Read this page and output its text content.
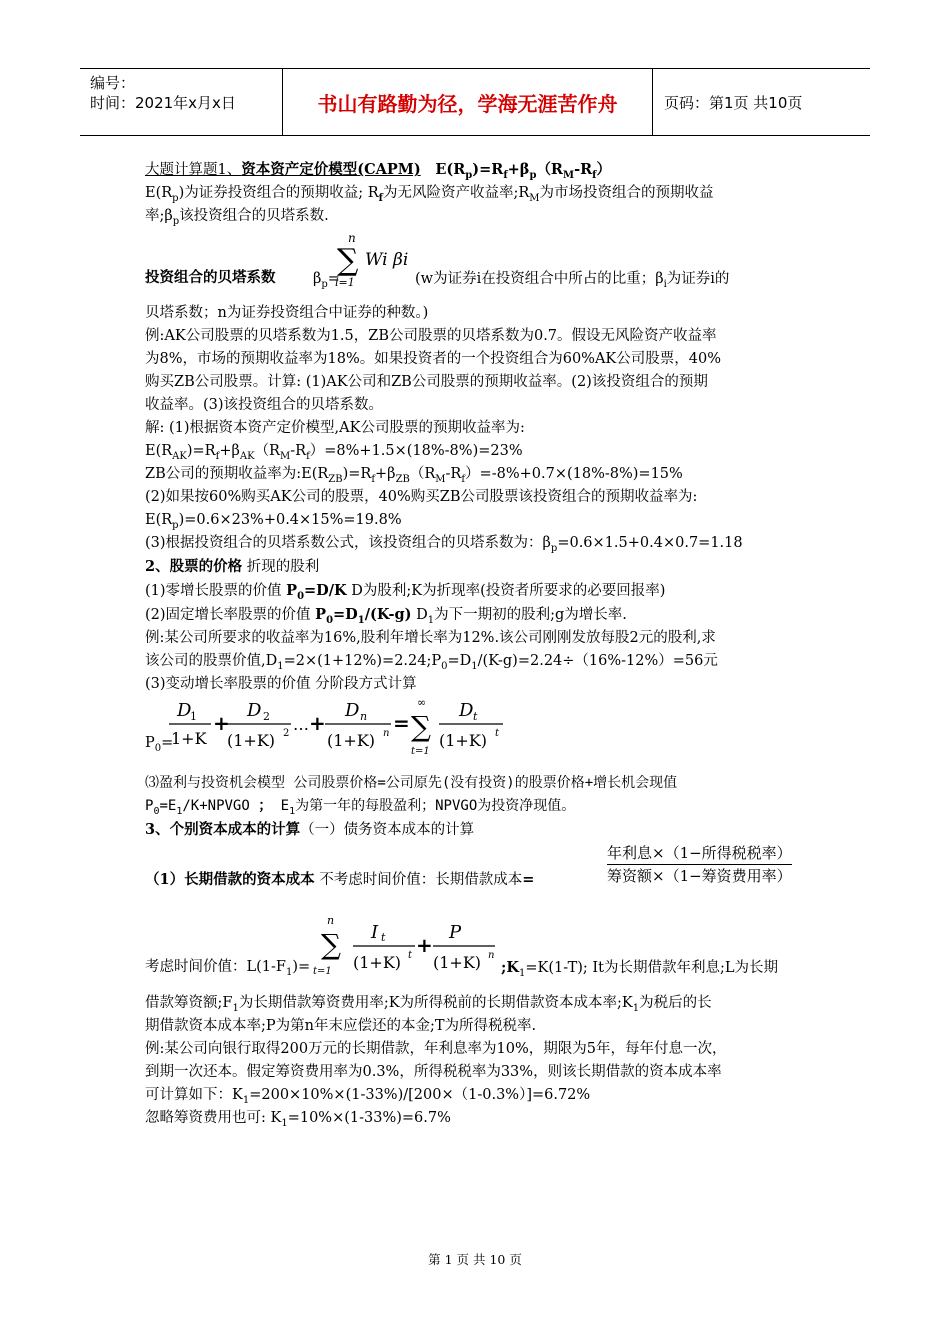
编号：
时间：2021年x月x日	书山有路勤为径，学海无涯苦作舟	页码：第1页 共10页

大题计算题1、资本资产定价模型(CAPM) $E(R_p)=R_f+\beta_p(R_M-R_f)$

$E(R_p)$为证券投资组合的预期收益; $R_f$为无风险资产收益率$;R_M$为市场投资组合的预期收益

率$;\beta_p$该投资组合的贝塔系数.

投资组合的贝塔系数	$\beta_p=$
n
∑
i=1
Wi βi
(w为证券i在投资组合中所占的比重；$\beta_i$为证券i的

贝塔系数；n为证券投资组合中证券的种数。)

例:AK公司股票的贝塔系数为1.5，ZB公司股票的贝塔系数为0.7。假设无风险资产收益率

为8%，市场的预期收益率为18%。如果投资者的一个投资组合为60%AK公司股票，40%

购买ZB公司股票。计算: (1)AK公司和ZB公司股票的预期收益率。(2)该投资组合的预期

收益率。(3)该投资组合的贝塔系数。

解: (1)根据资本资产定价模型,AK公司股票的预期收益率为:

$E(R_{AK})=R_f+\beta_{AK}(R_M-R_f)=8\%+1.5\times(18\%-8\%)=23\%$

ZB公司的预期收益率为$:E(R_{ZB})=R_f+\beta_{ZB}(R_M-R_f)=-8\%+0.7\times(18\%-8\%)=15\%$

(2)如果按60%购买AK公司的股票，40%购买ZB公司股票该投资组合的预期收益率为:

$E(R_p)=0.6\times 23\%+0.4\times 15\%=19.8\%$

(3)根据投资组合的贝塔系数公式，该投资组合的贝塔系数为：$\beta_p=0.6\times 1.5+0.4\times 0.7=1.18$

2、股票的价格 折现的股利

(1)零增长股票的价值 $P_0=D/K$ D为股利;K为折现率(投资者所要求的必要回报率)

(2)固定增长率股票的价值 $P_0=D_1/(K-g)$ $D_1$为下一期初的股利;g为增长率.

例:某公司所要求的收益率为16%,股利年增长率为12%.该公司刚刚发放每股2元的股利,求

该公司的股票价值$,D_1=2\times(1+12\%)=2.24;P_0=D_1/(K-g)=2.24\div(16\%-12\%)=56$元

(3)变动增长率股票的价值 分阶段方式计算

$P_0=$
D
1
1+K
+
D 2
(1+K) 2 … +
D n
(1+K) n =
∞
∑
t=1
D t
(1+K) t

⑶盈利与投资机会模型 公司股票价格=公司原先(没有投资)的股票价格+增长机会现值

$P_0=E_1/K+NPVGO$ ； $E_1$为第一年的每股盈利；NPVGO为投资净现值。

3、个别资本成本的计算（一）债务资本成本的计算

（1）长期借款的资本成本 不考虑时间价值：长期借款成本=
年利息×（1−所得税税率）
筹资额×（1−筹资费用率）
考虑时间价值：$L(1-F_1)=$
n
∑
t=1
I t
(1+K) t +
P
(1+K) n
$;K_1=K(1-T)$; It为长期借款年利息;L为长期

借款筹资额$;F_1$为长期借款筹资费用率;K为所得税前的长期借款资本成本率$;K_1$为税后的长

期借款资本成本率;P为第n年末应偿还的本金;T为所得税税率.

例:某公司向银行取得200万元的长期借款，年利息率为10%，期限为5年，每年付息一次，

到期一次还本。假定筹资费用率为0.3%，所得税税率为33%，则该长期借款的资本成本率

可计算如下：$K_1=200\times 10\%\times(1-33\%)/[200\times(1-0.3\%)]=6.72\%$

忽略筹资费用也可: $K_1=10\%\times(1-33\%)=6.7\%$

第 1 页 共 10 页
